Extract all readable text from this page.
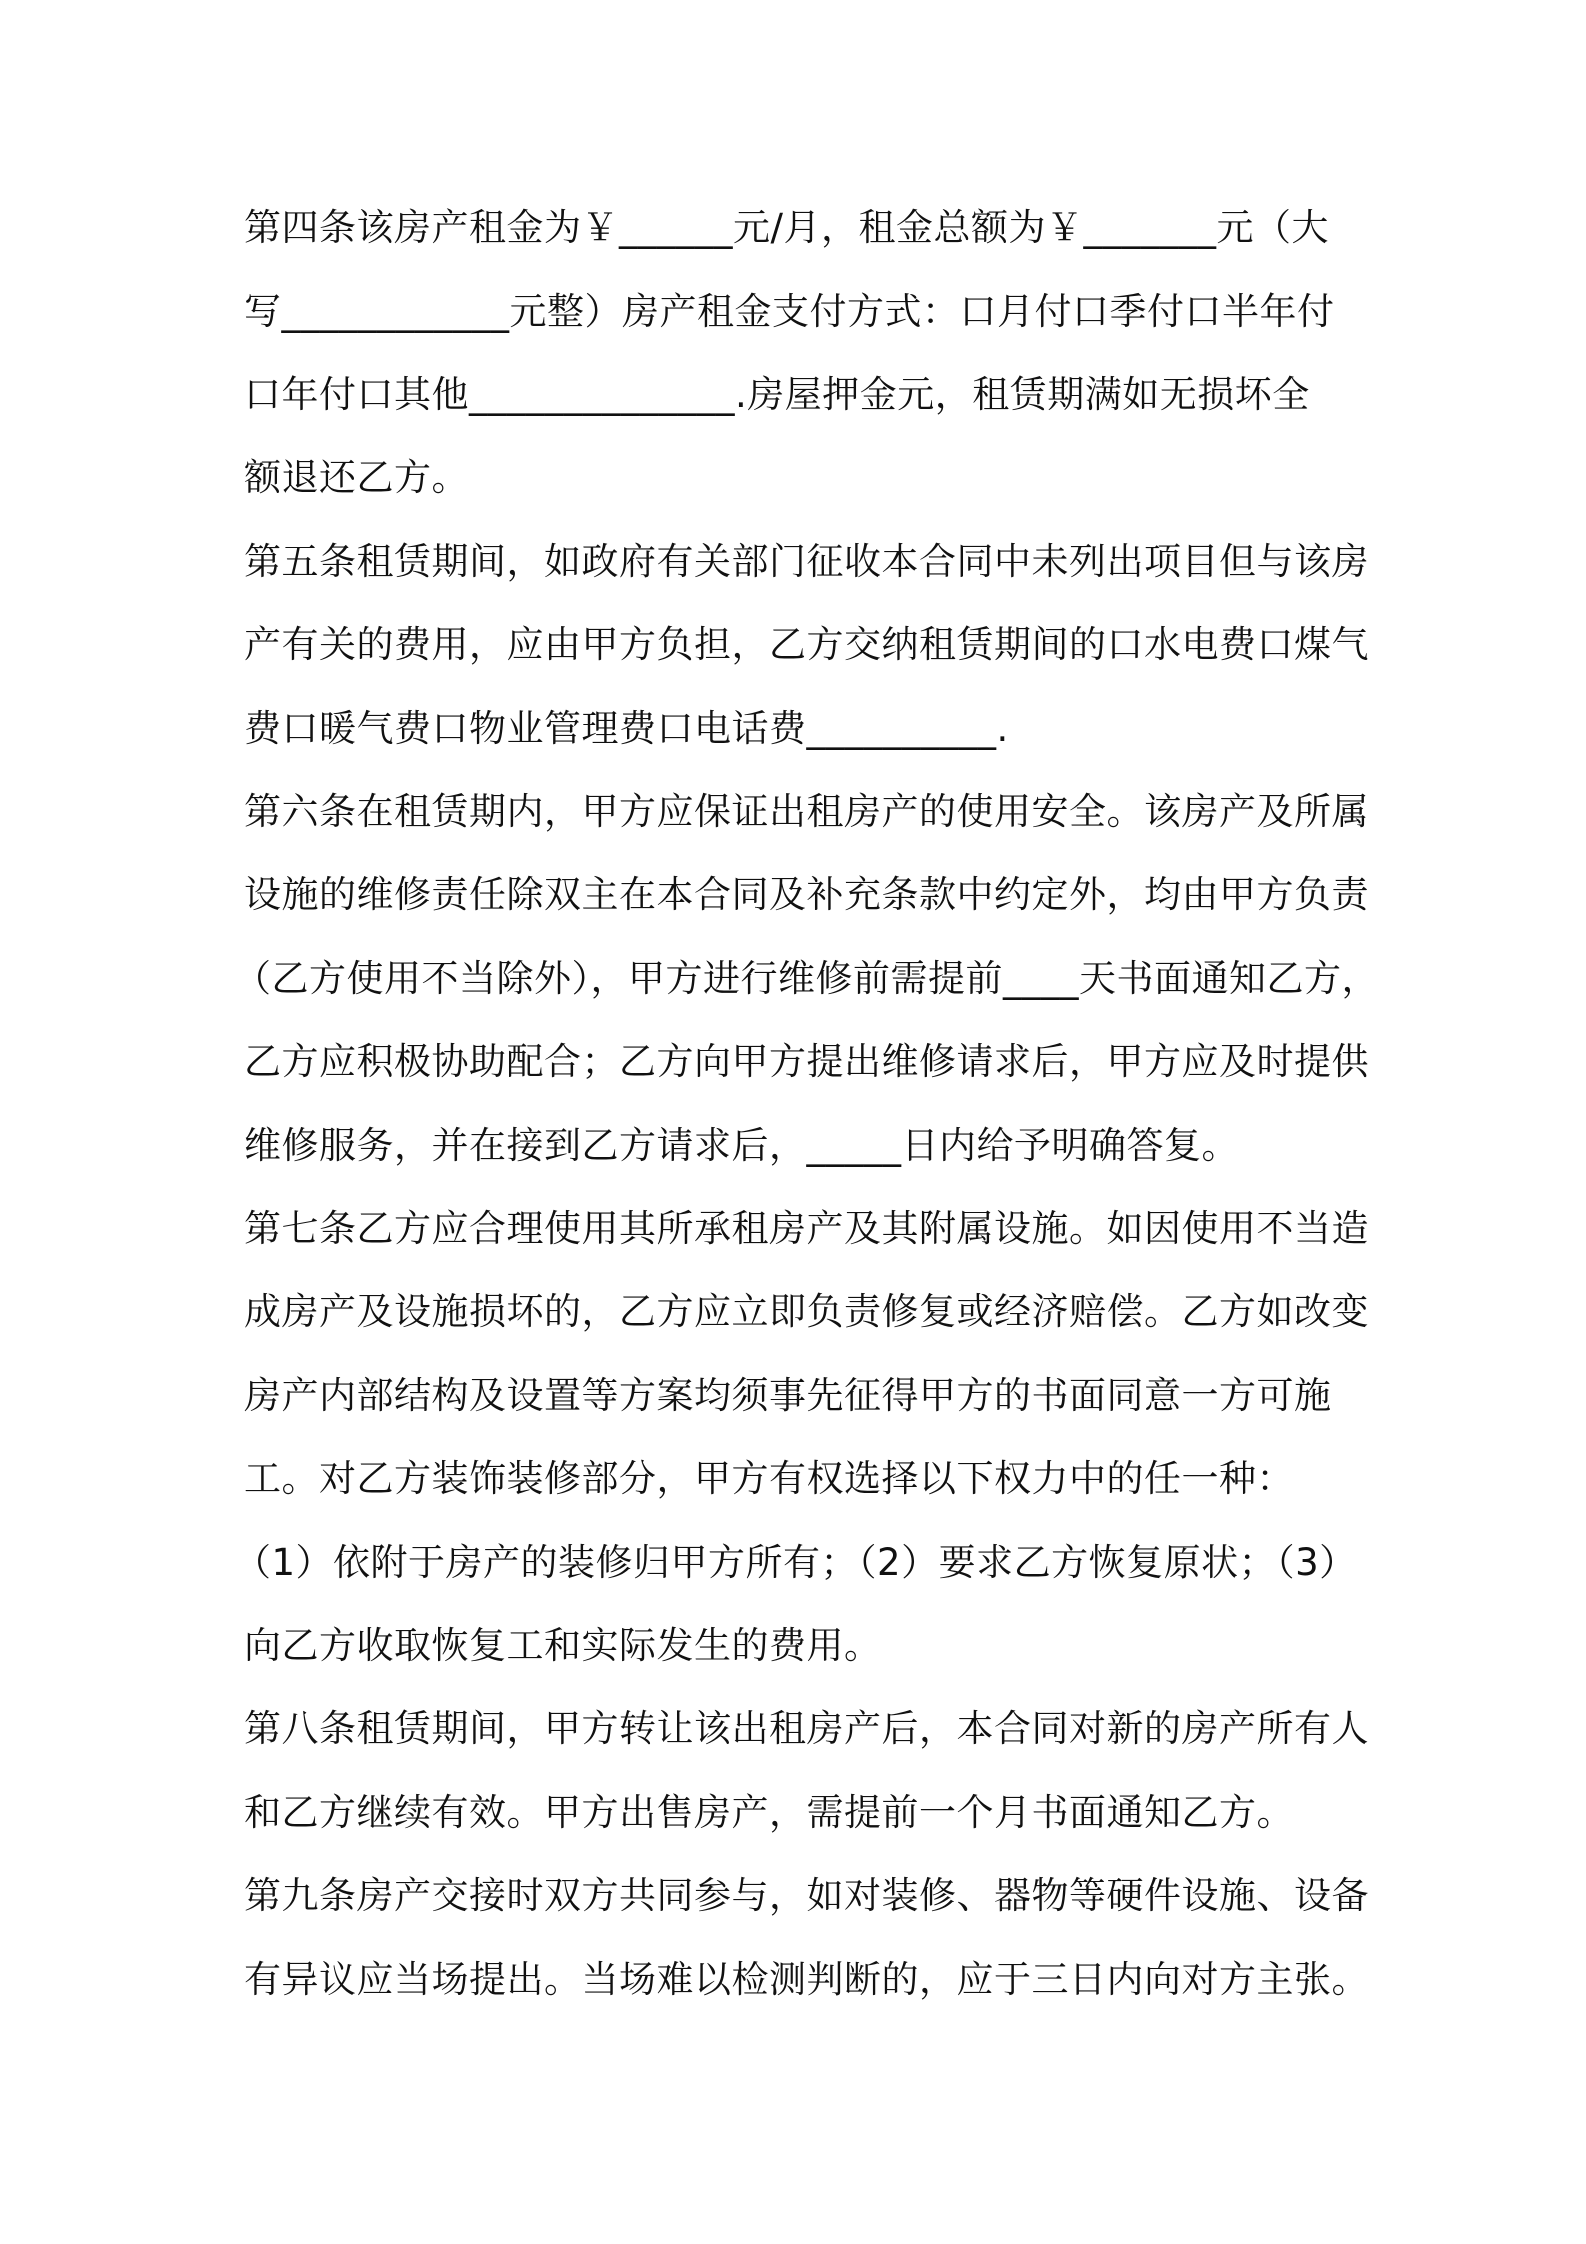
第四条该房产租金为￥______元/月，租金总额为￥_______元（大
写____________元整）房产租金支付方式：口月付口季付口半年付
口年付口其他______________.房屋押金元，租赁期满如无损坏全
额退还乙方。
第五条租赁期间，如政府有关部门征收本合同中未列出项目但与该房
产有关的费用，应由甲方负担，乙方交纳租赁期间的口水电费口煤气
费口暖气费口物业管理费口电话费__________.
第六条在租赁期内，甲方应保证出租房产的使用安全。该房产及所属
设施的维修责任除双主在本合同及补充条款中约定外，均由甲方负责
（乙方使用不当除外），甲方进行维修前需提前____天书面通知乙方，
乙方应积极协助配合；乙方向甲方提出维修请求后，甲方应及时提供
维修服务，并在接到乙方请求后，_____日内给予明确答复。
第七条乙方应合理使用其所承租房产及其附属设施。如因使用不当造
成房产及设施损坏的，乙方应立即负责修复或经济赔偿。乙方如改变
房产内部结构及设置等方案均须事先征得甲方的书面同意一方可施
工。对乙方装饰装修部分，甲方有权选择以下权力中的任一种：
（1）依附于房产的装修归甲方所有；（2）要求乙方恢复原状；（3）
向乙方收取恢复工和实际发生的费用。
第八条租赁期间，甲方转让该出租房产后，本合同对新的房产所有人
和乙方继续有效。甲方出售房产，需提前一个月书面通知乙方。
第九条房产交接时双方共同参与，如对装修、器物等硬件设施、设备
有异议应当场提出。当场难以检测判断的，应于三日内向对方主张。
